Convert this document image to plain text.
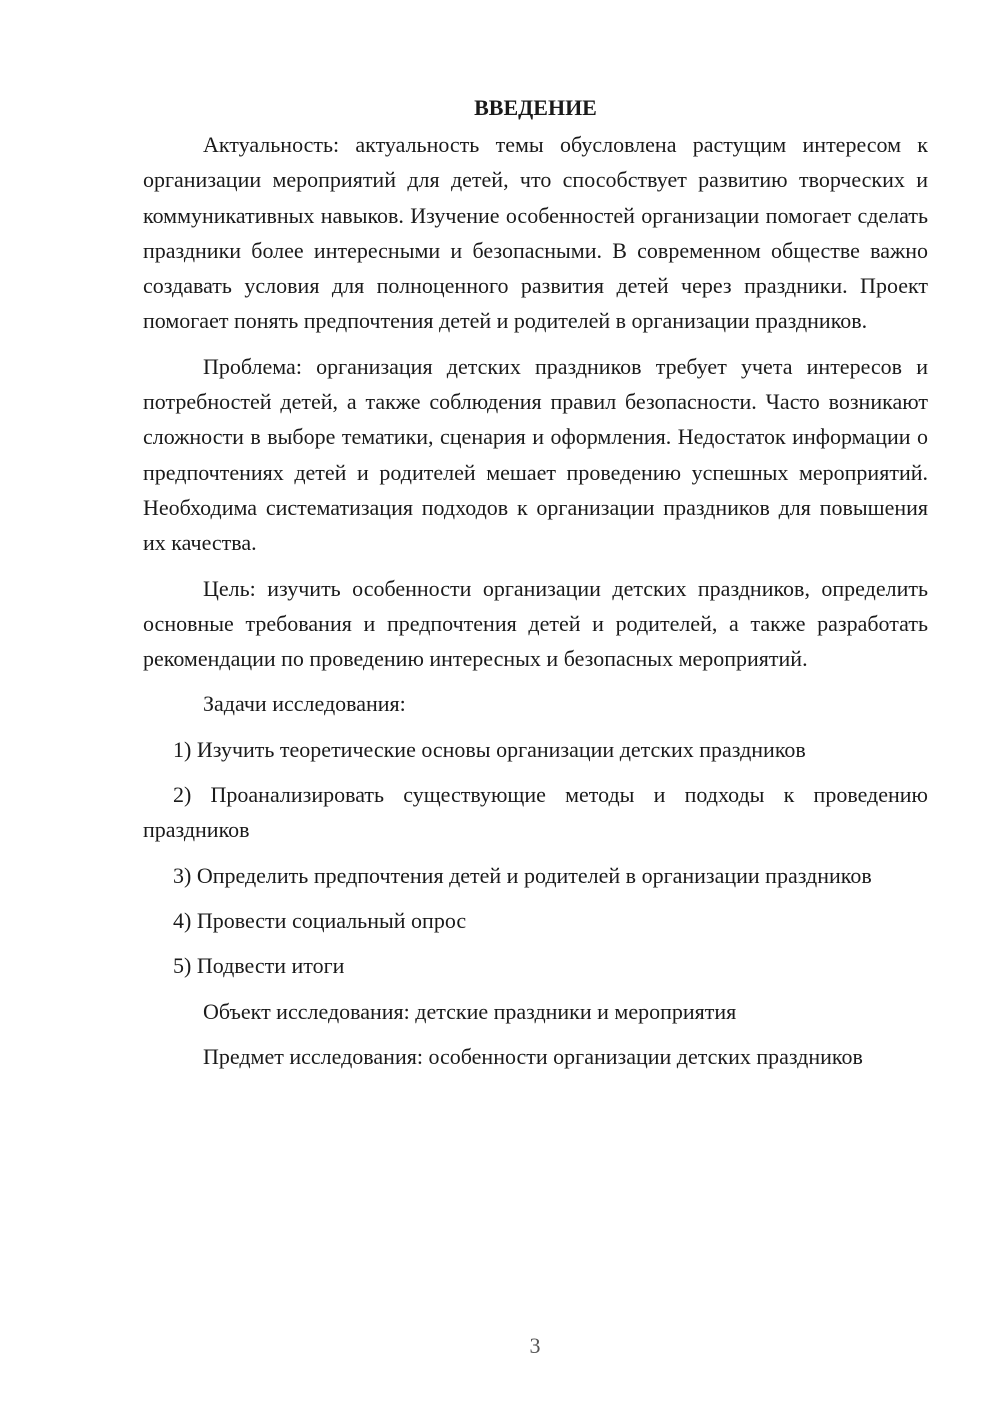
ВВЕДЕНИЕ

Актуальность: актуальность темы обусловлена растущим интересом к организации мероприятий для детей, что способствует развитию творческих и коммуникативных навыков. Изучение особенностей организации помогает сделать праздники более интересными и безопасными. В современном обществе важно создавать условия для полноценного развития детей через праздники. Проект помогает понять предпочтения детей и родителей в организации праздников.

Проблема: организация детских праздников требует учета интересов и потребностей детей, а также соблюдения правил безопасности. Часто возникают сложности в выборе тематики, сценария и оформления. Недостаток информации о предпочтениях детей и родителей мешает проведению успешных мероприятий. Необходима систематизация подходов к организации праздников для повышения их качества.

Цель: изучить особенности организации детских праздников, определить основные требования и предпочтения детей и родителей, а также разработать рекомендации по проведению интересных и безопасных мероприятий.

Задачи исследования:

1) Изучить теоретические основы организации детских праздников

2) Проанализировать существующие методы и подходы к проведению праздников

3) Определить предпочтения детей и родителей в организации праздников

4) Провести социальный опрос

5) Подвести итоги

Объект исследования: детские праздники и мероприятия

Предмет исследования: особенности организации детских праздников

3
